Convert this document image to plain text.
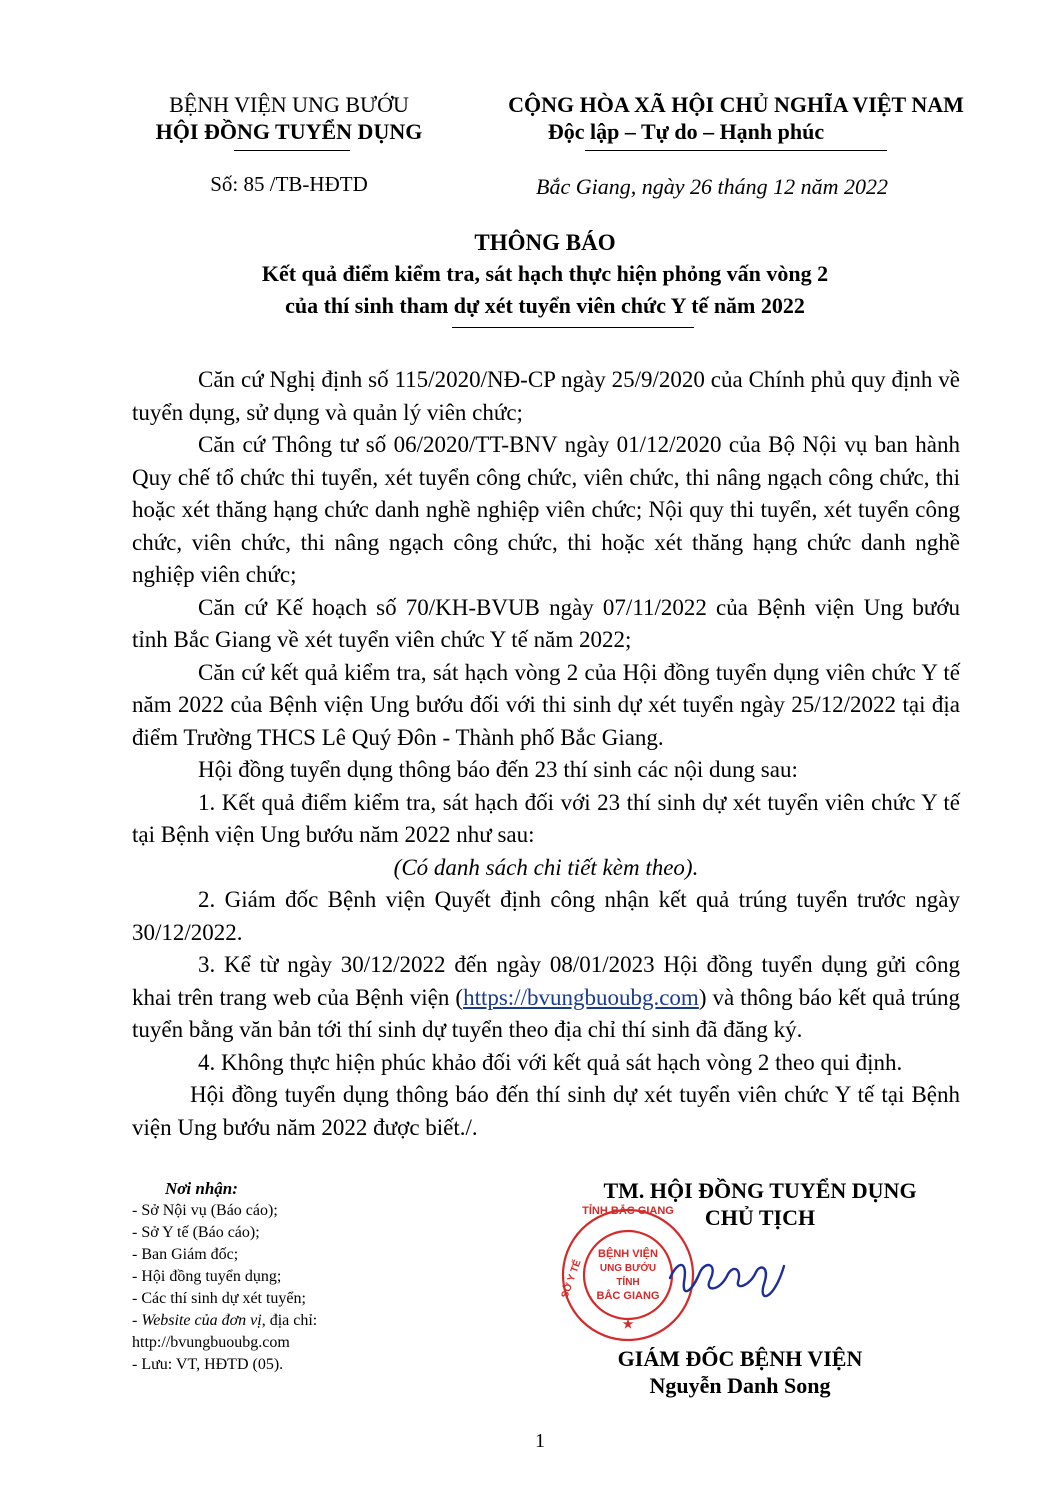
BỆNH VIỆN UNG BƯỚU
HỘI ĐỒNG TUYỂN DỤNG
Số: 85 /TB-HĐTD
CỘNG HÒA XÃ HỘI CHỦ NGHĨA VIỆT NAM
Độc lập – Tự do – Hạnh phúc
Bắc Giang, ngày 26 tháng 12 năm 2022
THÔNG BÁO
Kết quả điểm kiểm tra, sát hạch thực hiện phỏng vấn vòng 2
của thí sinh tham dự xét tuyển viên chức Y tế năm 2022

Căn cứ Nghị định số 115/2020/NĐ-CP ngày 25/9/2020 của Chính phủ quy định về tuyển dụng, sử dụng và quản lý viên chức;

Căn cứ Thông tư số 06/2020/TT-BNV ngày 01/12/2020 của Bộ Nội vụ ban hành Quy chế tổ chức thi tuyển, xét tuyển công chức, viên chức, thi nâng ngạch công chức, thi hoặc xét thăng hạng chức danh nghề nghiệp viên chức; Nội quy thi tuyển, xét tuyển công chức, viên chức, thi nâng ngạch công chức, thi hoặc xét thăng hạng chức danh nghề nghiệp viên chức;

Căn cứ Kế hoạch số 70/KH-BVUB ngày 07/11/2022 của Bệnh viện Ung bướu tỉnh Bắc Giang về xét tuyển viên chức Y tế năm 2022;

Căn cứ kết quả kiểm tra, sát hạch vòng 2 của Hội đồng tuyển dụng viên chức Y tế năm 2022 của Bệnh viện Ung bướu đối với thi sinh dự xét tuyển ngày 25/12/2022 tại địa điểm Trường THCS Lê Quý Đôn - Thành phố Bắc Giang.

Hội đồng tuyển dụng thông báo đến 23 thí sinh các nội dung sau:

1. Kết quả điểm kiểm tra, sát hạch đối với 23 thí sinh dự xét tuyển viên chức Y tế tại Bệnh viện Ung bướu năm 2022 như sau:

(Có danh sách chi tiết kèm theo).

2. Giám đốc Bệnh viện Quyết định công nhận kết quả trúng tuyển trước ngày 30/12/2022.

3. Kể từ ngày 30/12/2022 đến ngày 08/01/2023 Hội đồng tuyển dụng gửi công khai trên trang web của Bệnh viện (https://bvungbuoubg.com) và thông báo kết quả trúng tuyển bằng văn bản tới thí sinh dự tuyển theo địa chỉ thí sinh đã đăng ký.

4. Không thực hiện phúc khảo đối với kết quả sát hạch vòng 2 theo qui định.

Hội đồng tuyển dụng thông báo đến thí sinh dự xét tuyển viên chức Y tế tại Bệnh viện Ung bướu năm 2022 được biết./.

Nơi nhận:
- Sở Nội vụ (Báo cáo);
- Sở Y tế (Báo cáo);
- Ban Giám đốc;
- Hội đồng tuyển dụng;
- Các thí sinh dự xét tuyển;
- Website của đơn vị, địa chỉ:
http://bvungbuoubg.com
- Lưu: VT, HĐTD (05).
TM. HỘI ĐỒNG TUYỂN DỤNG
CHỦ TỊCH
TỈNH BẮC GIANG
SỞ Y TẾ
BỆNH VIỆN
UNG BƯỚU
TỈNH
BẮC GIANG
★
GIÁM ĐỐC BỆNH VIỆN
Nguyễn Danh Song
1
